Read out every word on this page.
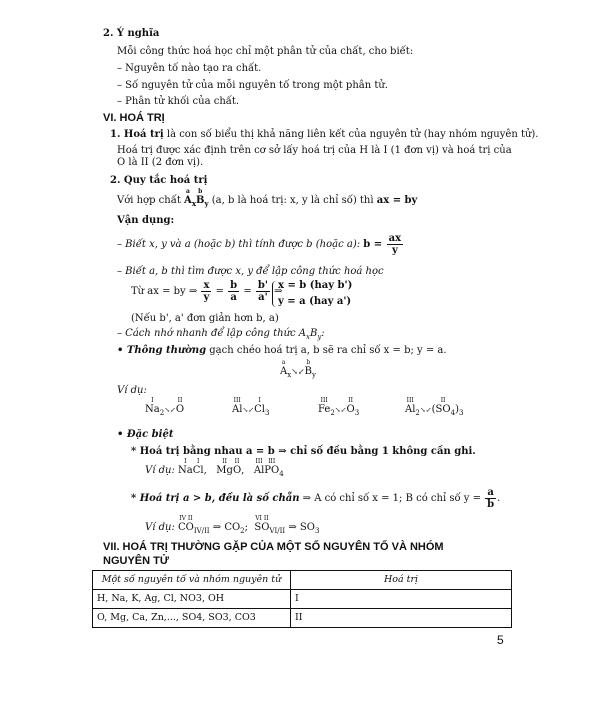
2. Ý nghĩa
Mỗi công thức hoá học chỉ một phân tử của chất, cho biết:
– Nguyên tố nào tạo ra chất.
– Số nguyên tử của mỗi nguyên tố trong một phân tử.
– Phân tử khối của chất.
VI. HOÁ TRỊ
1. Hoá trị là con số biểu thị khả năng liên kết của nguyên tử (hay nhóm nguyên tử).
Hoá trị được xác định trên cơ sở lấy hoá trị của H là I (1 đơn vị) và hoá trị của
O là II (2 đơn vị).
2. Quy tắc hoá trị
Với hợp chất
a
$A_x$
b
$B_y$ (a, b là hoá trị: x, y là chỉ số) thì ax = by
Vận dụng:
– Biết x, y và a (hoặc b) thì tính được b (hoặc a): $b = \frac{ax}{y}$
– Biết a, b thì tìm được x, y để lập công thức hoá học
Từ ax = by ⇒ $\frac{x}{y} = \frac{b}{a} = \frac{b'}{a'}$ ⇒
x = b (hay b')
y = a (hay a')
(Nếu b', a' đơn giản hơn b, a)
– Cách nhớ nhanh để lập công thức $A_xB_y$:
• Thông thường gạch chéo hoá trị a, b sẽ ra chỉ số x = b; y = a.
a
$A_x↘↙$
b
$B_y$
Ví dụ:
I
$Na_2↘↙$
II
O
III
Al↘↙
I
$Cl_3$
III
$Fe_2↘↙$
II
$O_3$
III
$Al_2↘↙$(
II
$SO_4)_3$
• Đặc biệt
* Hoá trị bằng nhau a = b ⇒ chỉ số đều bằng 1 không cần ghi.
Ví dụ:
I
Na
I
Cl,
II
Mg
II
O,
III
Al
III
$PO_4$
* Hoá trị a > b, đều là số chẵn ⇒ A có chỉ số x = 1; B có chỉ số $y = \frac{a}{b}$ .
Ví dụ:
IV II
$CO_{IV/II}$ ⇒ $CO_2$;
VI II
$SO_{VI/II}$ ⇒ $SO_3$
VII. HOÁ TRỊ THƯỜNG GẶP CỦA MỘT SỐ NGUYÊN TỐ VÀ NHÓM
NGUYÊN TỬ
Một số nguyên tố và nhóm nguyên tử	Hoá trị
H, Na, K, Ag, Cl, NO3, OH	I
O, Mg, Ca, Zn,..., SO4, SO3, CO3	II
5
